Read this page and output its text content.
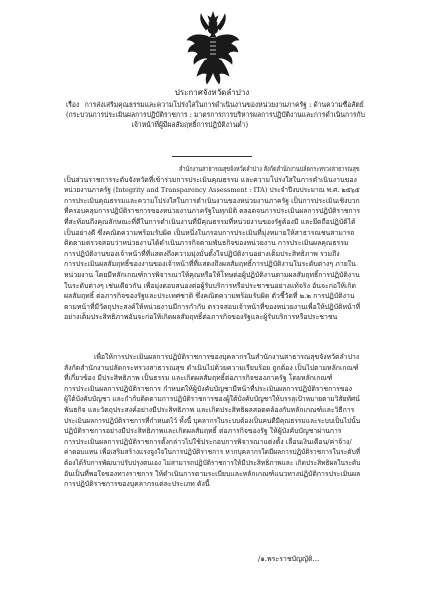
ประกาศจังหวัดลำปาง
เรื่อง การส่งเสริมคุณธรรมและความโปร่งใสในการดำเนินงานของหน่วยงานภาครัฐ : ด้านความซื่อสัตย์
(กระบวนการประเมินผลการปฏิบัติราชการ : มาตรการการบริหารผลการปฏิบัติงานและการดำเนินการกับ
เจ้าหน้าที่ผู้มีผลสัมฤทธิ์การปฏิบัติงานต่ำ)
สำนักงานสาธารณสุขจังหวัดลำปาง สังกัดสำนักงานปลัดกระทรวงสาธารณสุข
เป็นส่วนราชการระดับจังหวัดที่เข้าร่วมการประเมินคุณธรรม และความโปร่งใสในการดำเนินงานของ
หน่วยงานภาครัฐ (Integrity and Transparency Assessment : ITA) ประจำปีงบประมาณ พ.ศ. ๒๕๖๕
การประเมินคุณธรรมและความโปร่งใสในการดำเนินงานของหน่วยงานภาครัฐ เป็นการประเมินเชิงบวก
ที่ครอบคลุมการปฏิบัติราชการของหน่วยงานภาครัฐในทุกมิติ ตลอดจนการประเมินผลการปฏิบัติราชการ
ที่สะท้อนถึงคุณลักษณะที่ดีในการดำเนินงานที่มีคุณธรรมที่หน่วยงานของรัฐต้องมี และยึดถือปฏิบัติได้
เป็นอย่างดี ซึ่งคณิตความพร้อมรับผิด เป็นหนึ่งในกรอบการประเมินที่มุ่งหมายให้สาธารณชนสามารถ
ติดตามตรวจสอบว่าหน่วยงานได้ดำเนินภารกิจตามพันธกิจของหน่วยงาน การประเมินผลคุณธรรม
การปฏิบัติงานของเจ้าหน้าที่ที่แสดงถึงความมุ่งมั่นตั้งใจปฏิบัติงานอย่างเต็มประสิทธิภาพ รวมถึง
การประเมินผลสัมฤทธิ์ของงานของเจ้าหน้าที่ที่แสดงถึงผลสัมฤทธิ์การปฏิบัติงานในระดับต่างๆ ภายใน
หน่วยงาน โดยมีหลักเกณฑ์การพิจารณาให้คุณหรือให้โทษต่อผู้ปฏิบัติงานตามผลสัมฤทธิ์การปฏิบัติงาน
ในระดับต่างๆ เช่นเดียวกัน เพื่อมุ่งตอบสนองต่อผู้รับบริการหรือประชาชนอย่างแท้จริง อันจะก่อให้เกิด
ผลสัมฤทธิ์ ต่อภารกิจของรัฐและประเทศชาติ ซึ่งคณิตความพร้อมรับผิด ตัวชี้วัดที่ ๒.๒ การปฏิบัติงาน
ตามหน้าที่มีวัตถุประสงค์ให้หน่วยงานมีการกำกับ ตรวจสอบเจ้าหน้าที่ของหน่วยงานเพื่อให้ปฏิบัติหน้าที่
อย่างเต็มประสิทธิภาพอันจะก่อให้เกิดผลสัมฤทธิ์ต่อภารกิจของรัฐและผู้รับบริการหรือประชาชน
เพื่อให้การประเมินผลการปฏิบัติราชการของบุคลากรในสำนักงานสาธารณสุขจังหวัดลำปาง
สังกัดสำนักงานปลัดกระทรวงสาธารณสุข ดำเนินไปด้วยความเรียบร้อย ถูกต้อง เป็นไปตามหลักเกณฑ์
ที่เกี่ยวข้อง มีประสิทธิภาพ เป็นธรรม และเกิดผลสัมฤทธิ์ต่อภารกิจของภาครัฐ โดยหลักเกณฑ์
การประเมินผลการปฏิบัติราชการ กำหนดให้ผู้บังคับบัญชามีหน้าที่ประเมินผลการปฏิบัติราชการของ
ผู้ใต้บังคับบัญชา และกำกับติดตามการปฏิบัติราชการของผู้ใต้บังคับบัญชาให้บรรลุเป้าหมายตามวิสัยทัศน์
พันธกิจ และวัตถุประสงค์อย่างมีประสิทธิภาพ และเกิดประสิทธิผลสอดคล้องกับหลักเกณฑ์และวิธีการ
ประเมินผลการปฏิบัติราชการที่กำหนดไว้ ทั้งนี้ บุคลากรในระบบต้องเป็นคนดีมีคุณธรรมและระบบเป็นไปนั้น
ปฏิบัติราชการอย่างมีประสิทธิภาพและเกิดผลสัมฤทธิ์ ต่อภารกิจของรัฐ ให้ผู้บังคับบัญชาผ่านการ
การประเมินผลการปฏิบัติราชการตั้งกล่าวไปใช้ประกอบการพิจารณาแต่งตั้ง เลื่อนเงินเดือน/ค่าจ้าง/
ค่าตอบแทน เพื่อเสริมสร้างแรงจูงใจในการปฏิบัติราชการ หากบุคลากรใดมีผลการปฏิบัติราชการในระดับที่
ต้องได้รับการพัฒนาปรับปรุงตนเอง ไม่สามารถปฏิบัติราชการให้มีประสิทธิภาพและ เกิดประสิทธิผลในระดับ
อันเป็นที่พอใจของทางราชการ ให้ดำเนินการตามระเบียบและหลักเกณฑ์แนวทางปฏิบัติการประเมินผล
การปฏิบัติราชการของบุคลากรแต่ละประเภท ดังนี้
/๑.พระราชบัญญัติ...
